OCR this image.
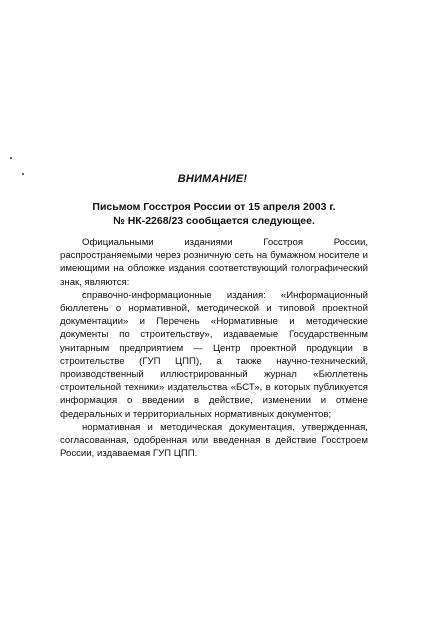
ВНИМАНИЕ!
Письмом Госстроя России от 15 апреля 2003 г.
№ НК-2268/23 сообщается следующее.

Официальными изданиями Госстроя России, распространяемыми через розничную сеть на бумажном носителе и имеющими на обложке издания соответствующий голографический знак, являются:

справочно-информационные издания: «Информационный бюллетень о нормативной, методической и типовой проектной документации» и Перечень «Нормативные и методические документы по строительству», издаваемые Государственным унитарным предприятием — Центр проектной продукции в строительстве (ГУП ЦПП), а также научно-технический, производственный иллюстрированный журнал «Бюллетень строительной техники» издательства «БСТ», в которых публикуется информация о введении в действие, изменении и отмене федеральных и территориальных нормативных документов;

нормативная и методическая документация, утвержденная, согласованная, одобренная или введенная в действие Госстроем России, издаваемая ГУП ЦПП.
